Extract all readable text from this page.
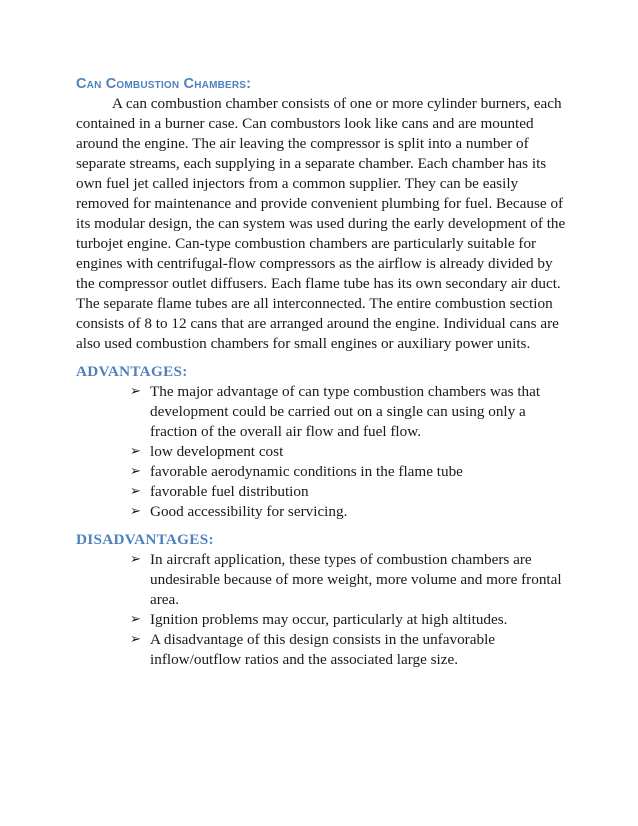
Can Combustion Chambers:

A can combustion chamber consists of one or more cylinder burners, each contained in a burner case. Can combustors look like cans and are mounted around the engine. The air leaving the compressor is split into a number of separate streams, each supplying in a separate chamber. Each chamber has its own fuel jet called injectors from a common supplier. They can be easily removed for maintenance and provide convenient plumbing for fuel. Because of its modular design, the can system was used during the early development of the turbojet engine. Can-type combustion chambers are particularly suitable for engines with centrifugal-flow compressors as the airflow is already divided by the compressor outlet diffusers. Each flame tube has its own secondary air duct. The separate flame tubes are all interconnected. The entire combustion section consists of 8 to 12 cans that are arranged around the engine. Individual cans are also used combustion chambers for small engines or auxiliary power units.

ADVANTAGES:
➢ The major advantage of can type combustion chambers was that development could be carried out on a single can using only a fraction of the overall air flow and fuel flow.
➢ low development cost
➢ favorable aerodynamic conditions in the flame tube
➢ favorable fuel distribution
➢ Good accessibility for servicing.
DISADVANTAGES:
➢ In aircraft application, these types of combustion chambers are undesirable because of more weight, more volume and more frontal area.
➢ Ignition problems may occur, particularly at high altitudes.
➢ A disadvantage of this design consists in the unfavorable inflow/outflow ratios and the associated large size.
